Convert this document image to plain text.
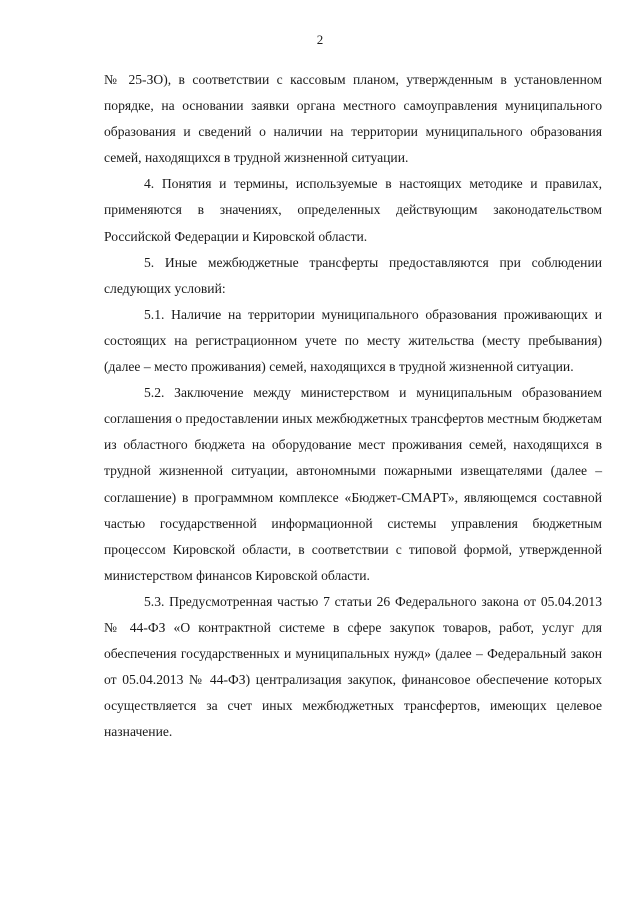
2

№ 25-ЗО), в соответствии с кассовым планом, утвержденным в установленном порядке, на основании заявки органа местного самоуправления муниципального образования и сведений о наличии на территории муниципального образования семей, находящихся в трудной жизненной ситуации.

4. Понятия и термины, используемые в настоящих методике и правилах, применяются в значениях, определенных действующим законодательством Российской Федерации и Кировской области.

5. Иные межбюджетные трансферты предоставляются при соблюдении следующих условий:

5.1. Наличие на территории муниципального образования проживающих и состоящих на регистрационном учете по месту жительства (месту пребывания) (далее – место проживания) семей, находящихся в трудной жизненной ситуации.

5.2. Заключение между министерством и муниципальным образованием соглашения о предоставлении иных межбюджетных трансфертов местным бюджетам из областного бюджета на оборудование мест проживания семей, находящихся в трудной жизненной ситуации, автономными пожарными извещателями (далее – соглашение) в программном комплексе «Бюджет-СМАРТ», являющемся составной частью государственной информационной системы управления бюджетным процессом Кировской области, в соответствии с типовой формой, утвержденной министерством финансов Кировской области.

5.3. Предусмотренная частью 7 статьи 26 Федерального закона от 05.04.2013 № 44-ФЗ «О контрактной системе в сфере закупок товаров, работ, услуг для обеспечения государственных и муниципальных нужд» (далее – Федеральный закон от 05.04.2013 № 44-ФЗ) централизация закупок, финансовое обеспечение которых осуществляется за счет иных межбюджетных трансфертов, имеющих целевое назначение.
